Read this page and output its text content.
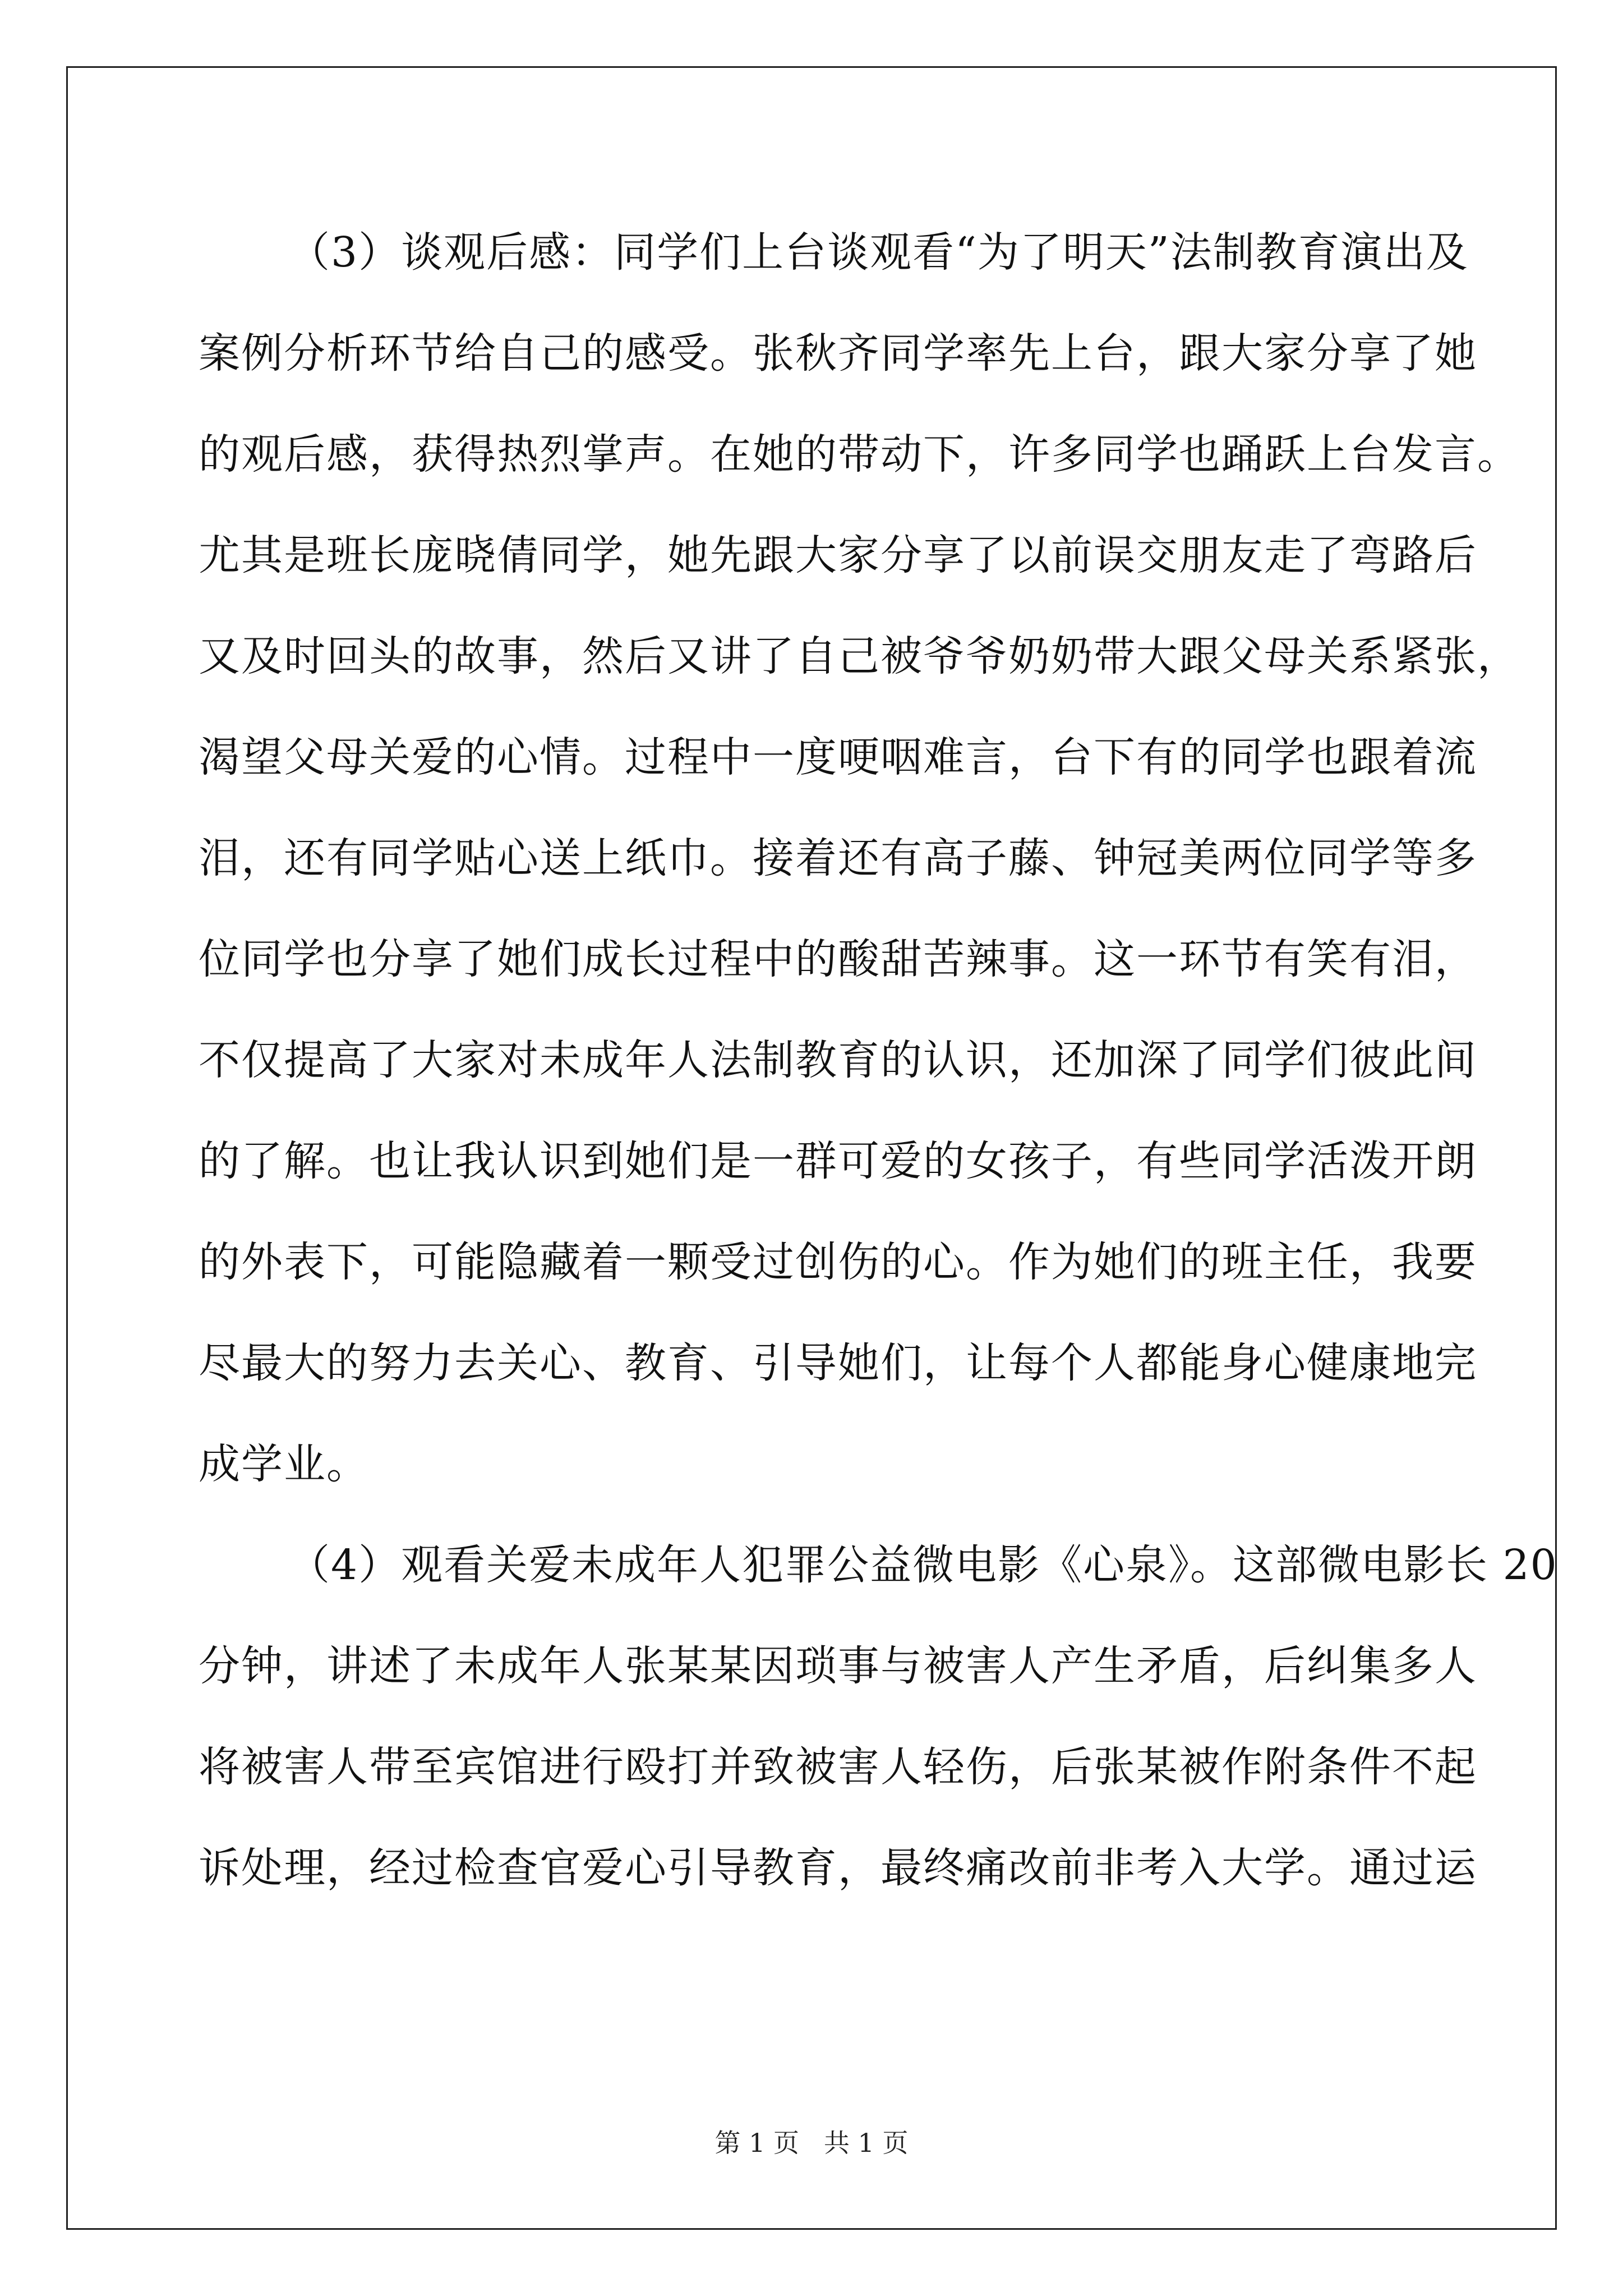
（3）谈观后感：同学们上台谈观看“为了明天”法制教育演出及
案例分析环节给自己的感受。张秋齐同学率先上台，跟大家分享了她
的观后感，获得热烈掌声。在她的带动下，许多同学也踊跃上台发言。
尤其是班长庞晓倩同学，她先跟大家分享了以前误交朋友走了弯路后
又及时回头的故事，然后又讲了自己被爷爷奶奶带大跟父母关系紧张，
渴望父母关爱的心情。过程中一度哽咽难言，台下有的同学也跟着流
泪，还有同学贴心送上纸巾。接着还有高子藤、钟冠美两位同学等多
位同学也分享了她们成长过程中的酸甜苦辣事。这一环节有笑有泪，
不仅提高了大家对未成年人法制教育的认识，还加深了同学们彼此间
的了解。也让我认识到她们是一群可爱的女孩子，有些同学活泼开朗
的外表下，可能隐藏着一颗受过创伤的心。作为她们的班主任，我要
尽最大的努力去关心、教育、引导她们，让每个人都能身心健康地完
成学业。
（4）观看关爱未成年人犯罪公益微电影《心泉》。这部微电影长 20
分钟，讲述了未成年人张某某因琐事与被害人产生矛盾，后纠集多人
将被害人带至宾馆进行殴打并致被害人轻伤，后张某被作附条件不起
诉处理，经过检查官爱心引导教育，最终痛改前非考入大学。通过运
第 1 页 共 1 页
